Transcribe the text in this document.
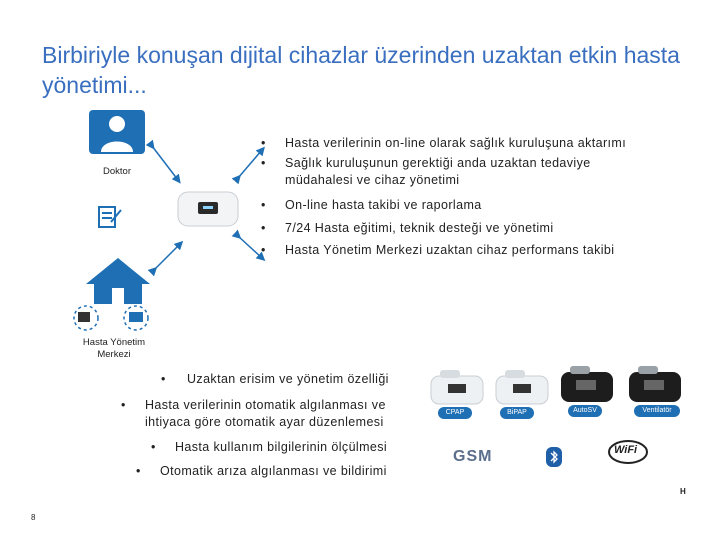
Birbiriyle konuşan dijital cihazlar üzerinden uzaktan etkin hasta yönetimi...
Doktor
Hasta Yönetim
Merkezi
• Hasta verilerinin on-line olarak sağlık kuruluşuna aktarımı
• Sağlık kuruluşunun gerektiği anda uzaktan tedaviye
müdahalesi ve cihaz yönetimi
• On-line hasta takibi ve raporlama
• 7/24 Hasta eğitimi, teknik desteği ve yönetimi
• Hasta Yönetim Merkezi uzaktan cihaz performans takibi
• Uzaktan erisim ve yönetim özelliği
• Hasta verilerinin otomatik algılanması ve
ihtiyaca göre otomatik ayar düzenlemesi
• Hasta kullanım bilgilerinin ölçülmesi
• Otomatik arıza algılanması ve bildirimi
CPAP	BiPAP	AutoSV	Ventilatör
GSM	WiFi
H
8
